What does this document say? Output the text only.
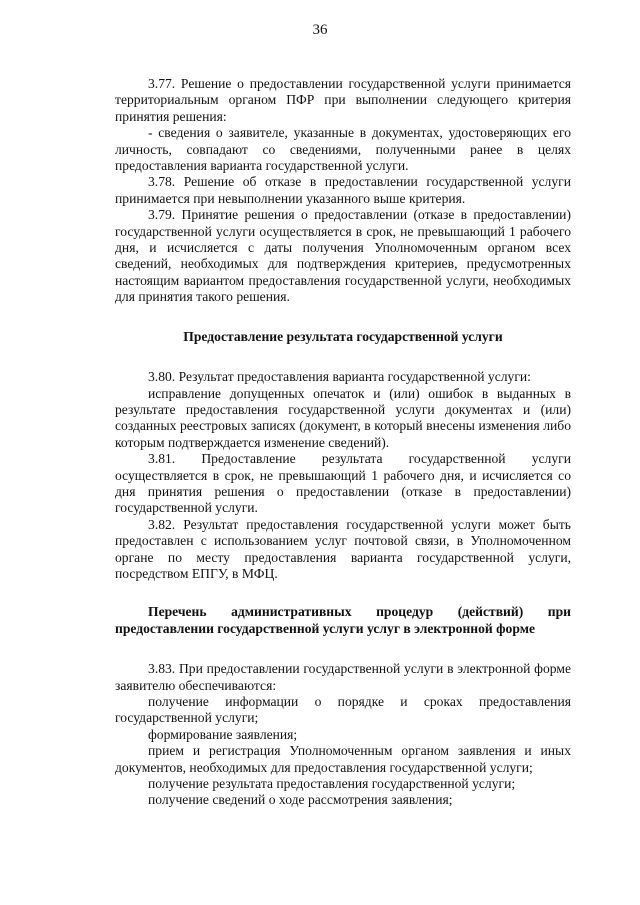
36

3.77. Решение о предоставлении государственной услуги принимается территориальным органом ПФР при выполнении следующего критерия принятия решения:

- сведения о заявителе, указанные в документах, удостоверяющих его личность, совпадают со сведениями, полученными ранее в целях предоставления варианта государственной услуги.

3.78. Решение об отказе в предоставлении государственной услуги принимается при невыполнении указанного выше критерия.

3.79. Принятие решения о предоставлении (отказе в предоставлении) государственной услуги осуществляется в срок, не превышающий 1 рабочего дня, и исчисляется с даты получения Уполномоченным органом всех сведений, необходимых для подтверждения критериев, предусмотренных настоящим вариантом предоставления государственной услуги, необходимых для принятия такого решения.

Предоставление результата государственной услуги

3.80. Результат предоставления варианта государственной услуги:

исправление допущенных опечаток и (или) ошибок в выданных в результате предоставления государственной услуги документах и (или) созданных реестровых записях (документ, в который внесены изменения либо которым подтверждается изменение сведений).

3.81. Предоставление результата государственной услуги осуществляется в срок, не превышающий 1 рабочего дня, и исчисляется со дня принятия решения о предоставлении (отказе в предоставлении) государственной услуги.

3.82. Результат предоставления государственной услуги может быть предоставлен с использованием услуг почтовой связи, в Уполномоченном органе по месту предоставления варианта государственной услуги, посредством ЕПГУ, в МФЦ.

Перечень административных процедур (действий) при предоставлении государственной услуги услуг в электронной форме

3.83. При предоставлении государственной услуги в электронной форме заявителю обеспечиваются:

получение информации о порядке и сроках предоставления государственной услуги;

формирование заявления;

прием и регистрация Уполномоченным органом заявления и иных документов, необходимых для предоставления государственной услуги;

получение результата предоставления государственной услуги;

получение сведений о ходе рассмотрения заявления;
